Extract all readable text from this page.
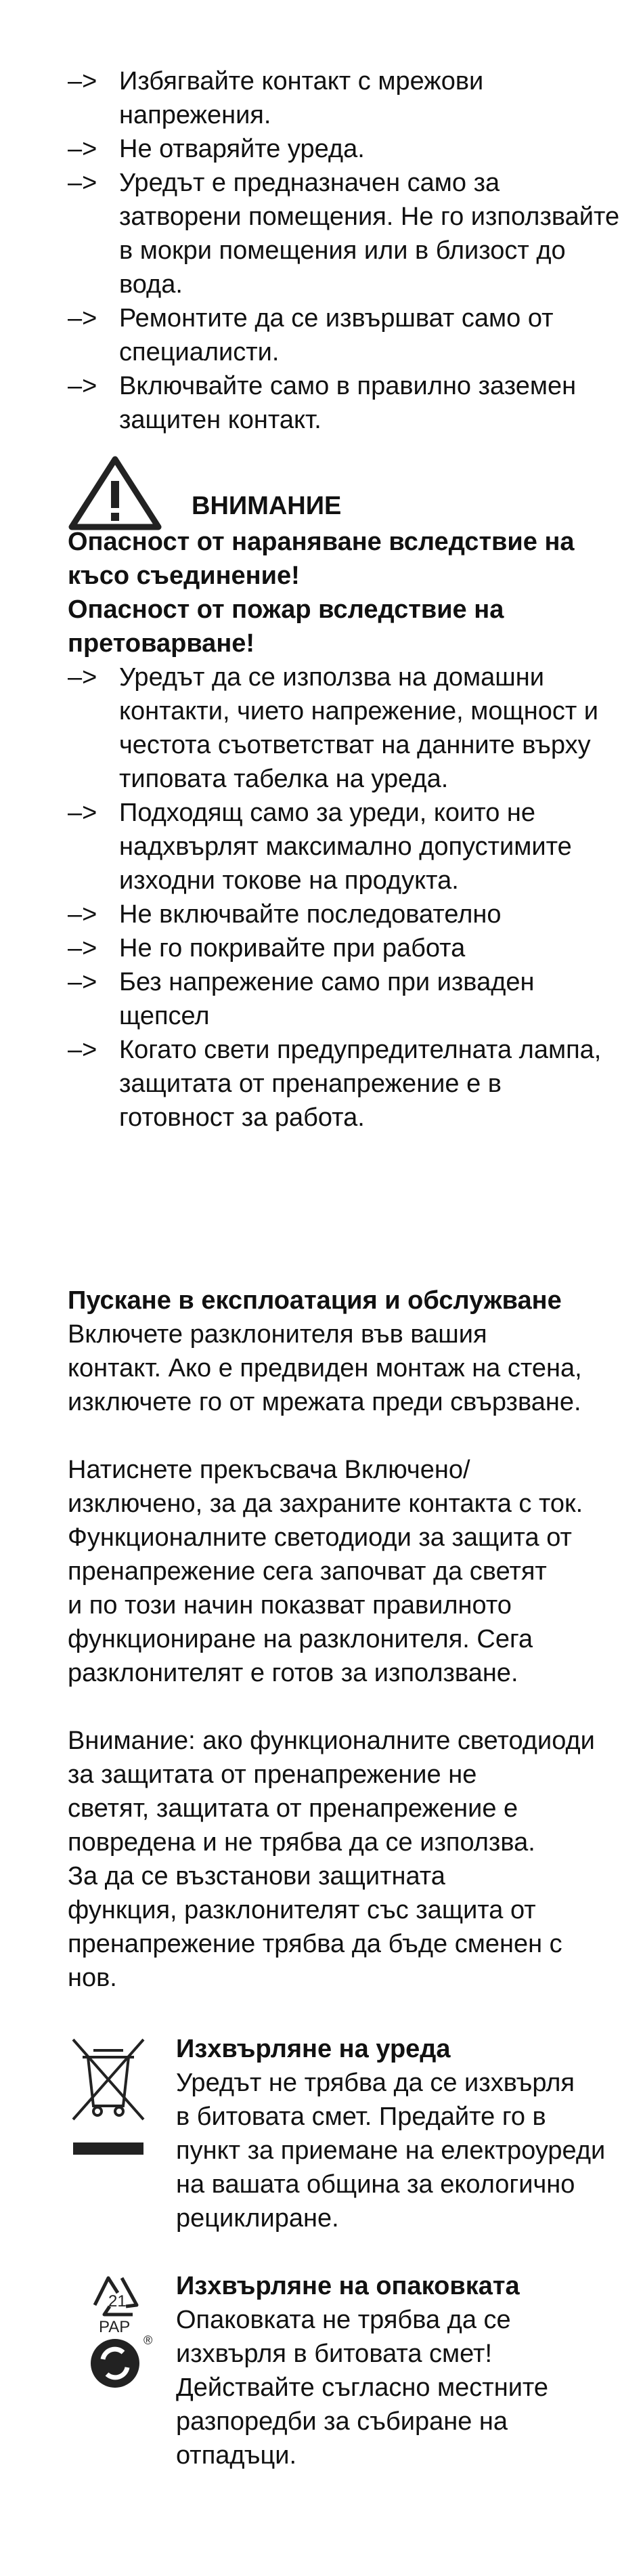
–> Избягвайте контакт с мрежови напрежения.
–> Не отваряйте уреда.
–> Уредът е предназначен само за затворени помещения. Не го използвайте в мокри помещения или в близост до вода.
–> Ремонтите да се извършват само от специалисти.
–> Включвайте само в правилно заземен защитен контакт.
ВНИМАНИЕ
Опасност от нараняване вследствие на късо съединение!
Опасност от пожар вследствие на претоварване!
–> Уредът да се използва на домашни контакти, чието напрежение, мощност и честота съответстват на данните върху типовата табелка на уреда.
–> Подходящ само за уреди, които не надхвърлят максимално допустимите изходни токове на продукта.
–> Не включвайте последователно
–> Не го покривайте при работа
–> Без напрежение само при изваден щепсел
–> Когато свети предупредителната лампа, защитата от пренапрежение е в готовност за работа.
Пускане в експлоатация и обслужване

Включете разклонителя във вашия
контакт. Ако е предвиден монтаж на стена,
изключете го от мрежата преди свързване.

Натиснете прекъсвача Включено/
изключено, за да захраните контакта с ток.
Функционалните светодиоди за защита от
пренапрежение сега започват да светят
и по този начин показват правилното
функциониране на разклонителя. Сега
разклонителят е готов за използване.

Внимание: ако функционалните светодиоди
за защитата от пренапрежение не
светят, защитата от пренапрежение е
повредена и не трябва да се използва.
За да се възстанови защитната
функция, разклонителят със защита от
пренапрежение трябва да бъде сменен с
нов.

Изхвърляне на уреда

Уредът не трябва да се изхвърля
в битовата смет. Предайте го в
пункт за приемане на електроуреди
на вашата община за екологично
рециклиране.

21
PAP
®
Изхвърляне на опаковката

Опаковката не трябва да се
изхвърля в битовата смет!
Действайте съгласно местните
разпоредби за събиране на
отпадъци.
